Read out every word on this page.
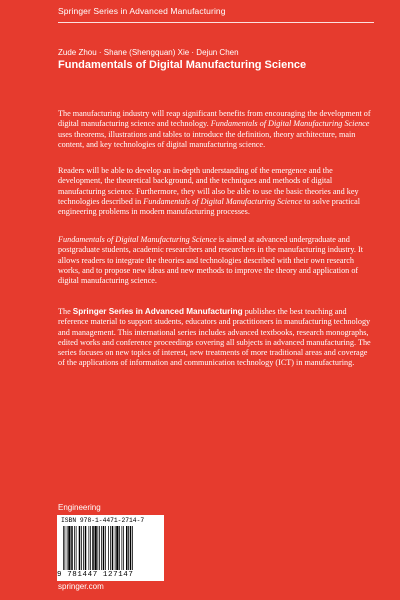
Springer Series in Advanced Manufacturing
Zude Zhou · Shane (Shengquan) Xie · Dejun Chen
Fundamentals of Digital Manufacturing Science

The manufacturing industry will reap significant benefits from encouraging the development of digital manufacturing science and technology. Fundamentals of Digital Manufacturing Science uses theorems, illustrations and tables to introduce the definition, theory architecture, main content, and key technologies of digital manufacturing science.

Readers will be able to develop an in-depth understanding of the emergence and the development, the theoretical background, and the techniques and methods of digital manufacturing science. Furthermore, they will also be able to use the basic theories and key technologies described in Fundamentals of Digital Manufacturing Science to solve practical engineering problems in modern manufacturing processes.

Fundamentals of Digital Manufacturing Science is aimed at advanced undergraduate and postgraduate students, academic researchers and researchers in the manufacturing industry. It allows readers to integrate the theories and technologies described with their own research works, and to propose new ideas and new methods to improve the theory and application of digital manufacturing science.

The Springer Series in Advanced Manufacturing publishes the best teaching and reference material to support students, educators and practitioners in manufacturing technology and management. This international series includes advanced textbooks, research monographs, edited works and conference proceedings covering all subjects in advanced manufacturing. The series focuses on new topics of interest, new treatments of more traditional areas and coverage of the applications of information and communication technology (ICT) in manufacturing.

Engineering
ISBN 978-1-4471-2714-7
9 781447 127147
springer.com
